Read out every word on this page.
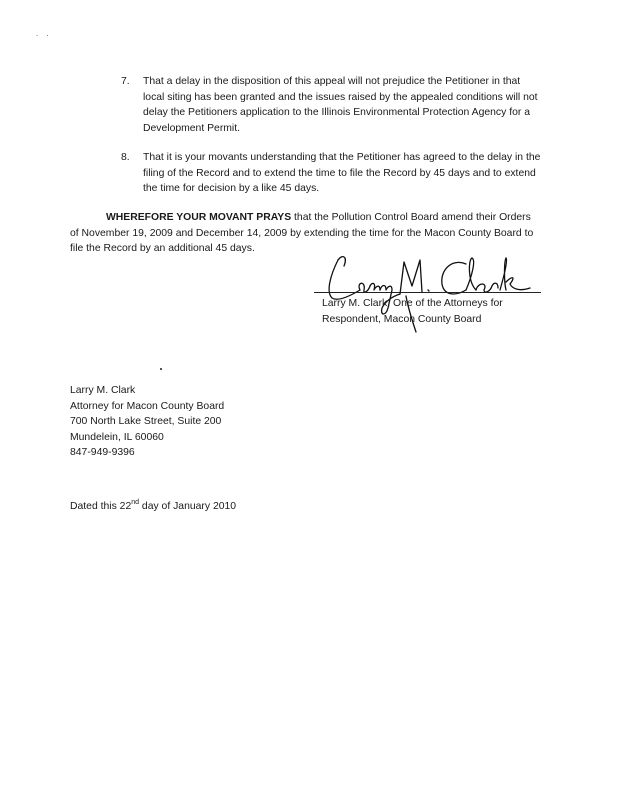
. .
7. That a delay in the disposition of this appeal will not prejudice the Petitioner in that local siting has been granted and the issues raised by the appealed conditions will not delay the Petitioners application to the Illinois Environmental Protection Agency for a Development Permit.
8. That it is your movants understanding that the Petitioner has agreed to the delay in the filing of the Record and to extend the time to file the Record by 45 days and to extend the time for decision by a like 45 days.
WHEREFORE YOUR MOVANT PRAYS that the Pollution Control Board amend their Orders of November 19, 2009 and December 14, 2009 by extending the time for the Macon County Board to file the Record by an additional 45 days.
Larry M. Clark, One of the Attorneys for
Respondent, Macon County Board
Larry M. Clark
Attorney for Macon County Board
700 North Lake Street, Suite 200
Mundelein, IL 60060
847-949-9396
Dated this 22nd day of January 2010
